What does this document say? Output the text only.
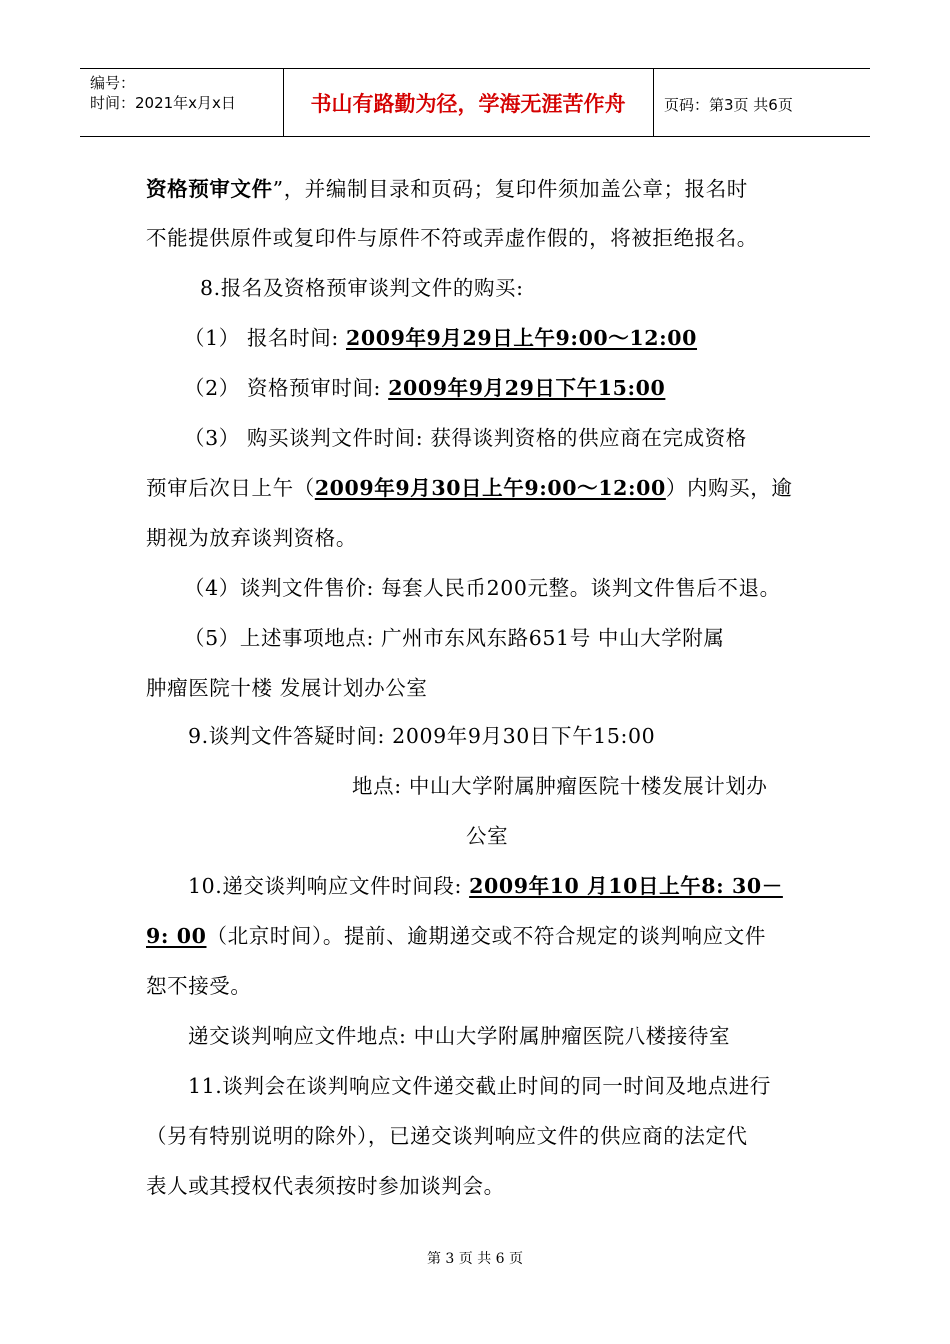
编号：
时间：2021年x月x日	书山有路勤为径，学海无涯苦作舟	页码：第3页 共6页
资格预审文件”，并编制目录和页码；复印件须加盖公章；报名时
不能提供原件或复印件与原件不符或弄虚作假的，将被拒绝报名。
8.报名及资格预审谈判文件的购买:
（1） 报名时间: 2009年9月29日上午9:00～12:00
（2） 资格预审时间: 2009年9月29日下午15:00
（3） 购买谈判文件时间: 获得谈判资格的供应商在完成资格
预审后次日上午（2009年9月30日上午9:00～12:00）内购买，逾
期视为放弃谈判资格。
（4）谈判文件售价: 每套人民币200元整。谈判文件售后不退。
（5）上述事项地点: 广州市东风东路651号 中山大学附属
肿瘤医院十楼 发展计划办公室
9.谈判文件答疑时间: 2009年9月30日下午15:00
地点: 中山大学附属肿瘤医院十楼发展计划办
公室
10.递交谈判响应文件时间段: 2009年10 月10日上午8: 30－
9: 00（北京时间）。提前、逾期递交或不符合规定的谈判响应文件
恕不接受。
递交谈判响应文件地点: 中山大学附属肿瘤医院八楼接待室
11.谈判会在谈判响应文件递交截止时间的同一时间及地点进行
（另有特别说明的除外），已递交谈判响应文件的供应商的法定代
表人或其授权代表须按时参加谈判会。
第 3 页 共 6 页
